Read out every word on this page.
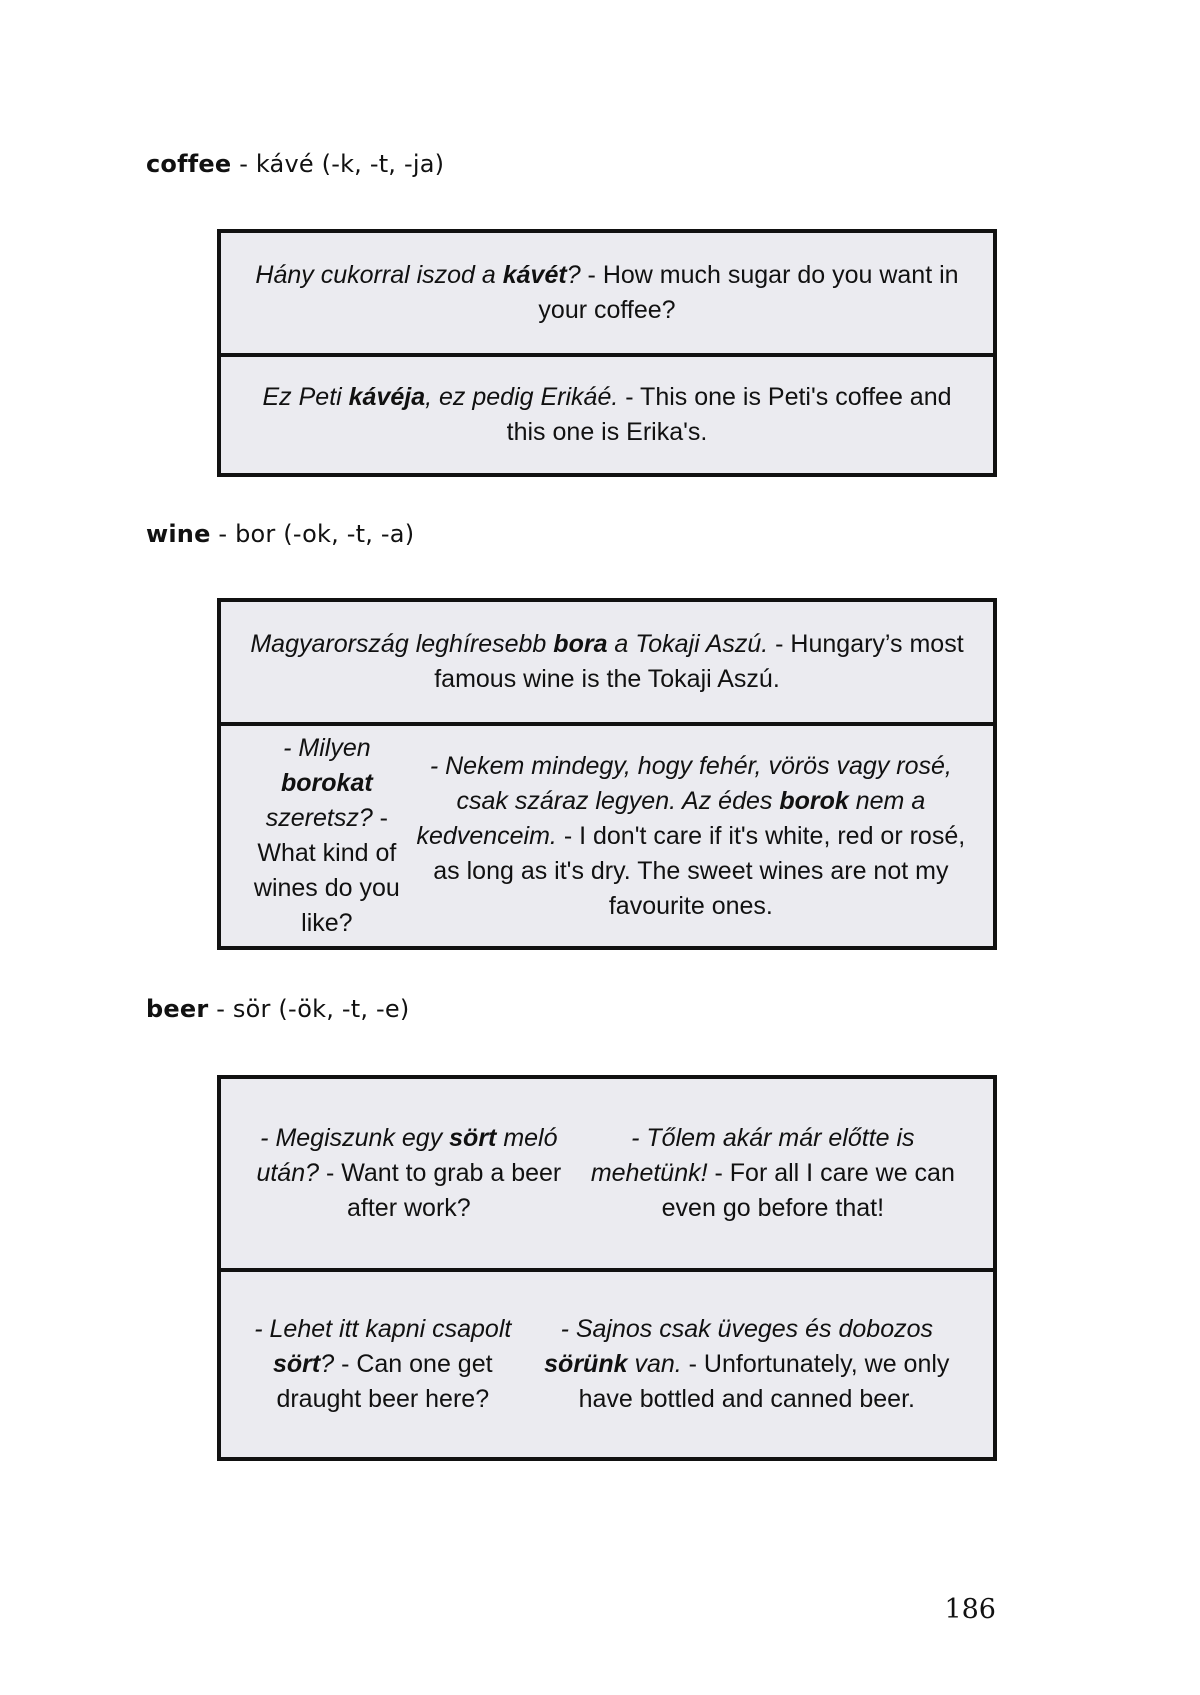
coffee - kávé (-k, -t, -ja)

Hány cukorral iszod a kávét? - How much sugar do you want in your coffee?

Ez Peti kávéja, ez pedig Erikáé. - This one is Peti's coffee and this one is Erika's.

wine - bor (-ok, -t, -a)

Magyarország leghíresebb bora a Tokaji Aszú. - Hungary’s most famous wine is the Tokaji Aszú.

- Milyen borokat szeretsz? - What kind of wines do you like?

- Nekem mindegy, hogy fehér, vörös vagy rosé, csak száraz legyen. Az édes borok nem a kedvenceim. - I don't care if it's white, red or rosé, as long as it's dry. The sweet wines are not my favourite ones.

beer - sör (-ök, -t, -e)

- Megiszunk egy sört meló után? - Want to grab a beer after work?

- Tőlem akár már előtte is mehetünk! - For all I care we can even go before that!

- Lehet itt kapni csapolt sört? - Can one get draught beer here?

- Sajnos csak üveges és dobozos sörünk van. - Unfortunately, we only have bottled and canned beer.

186
